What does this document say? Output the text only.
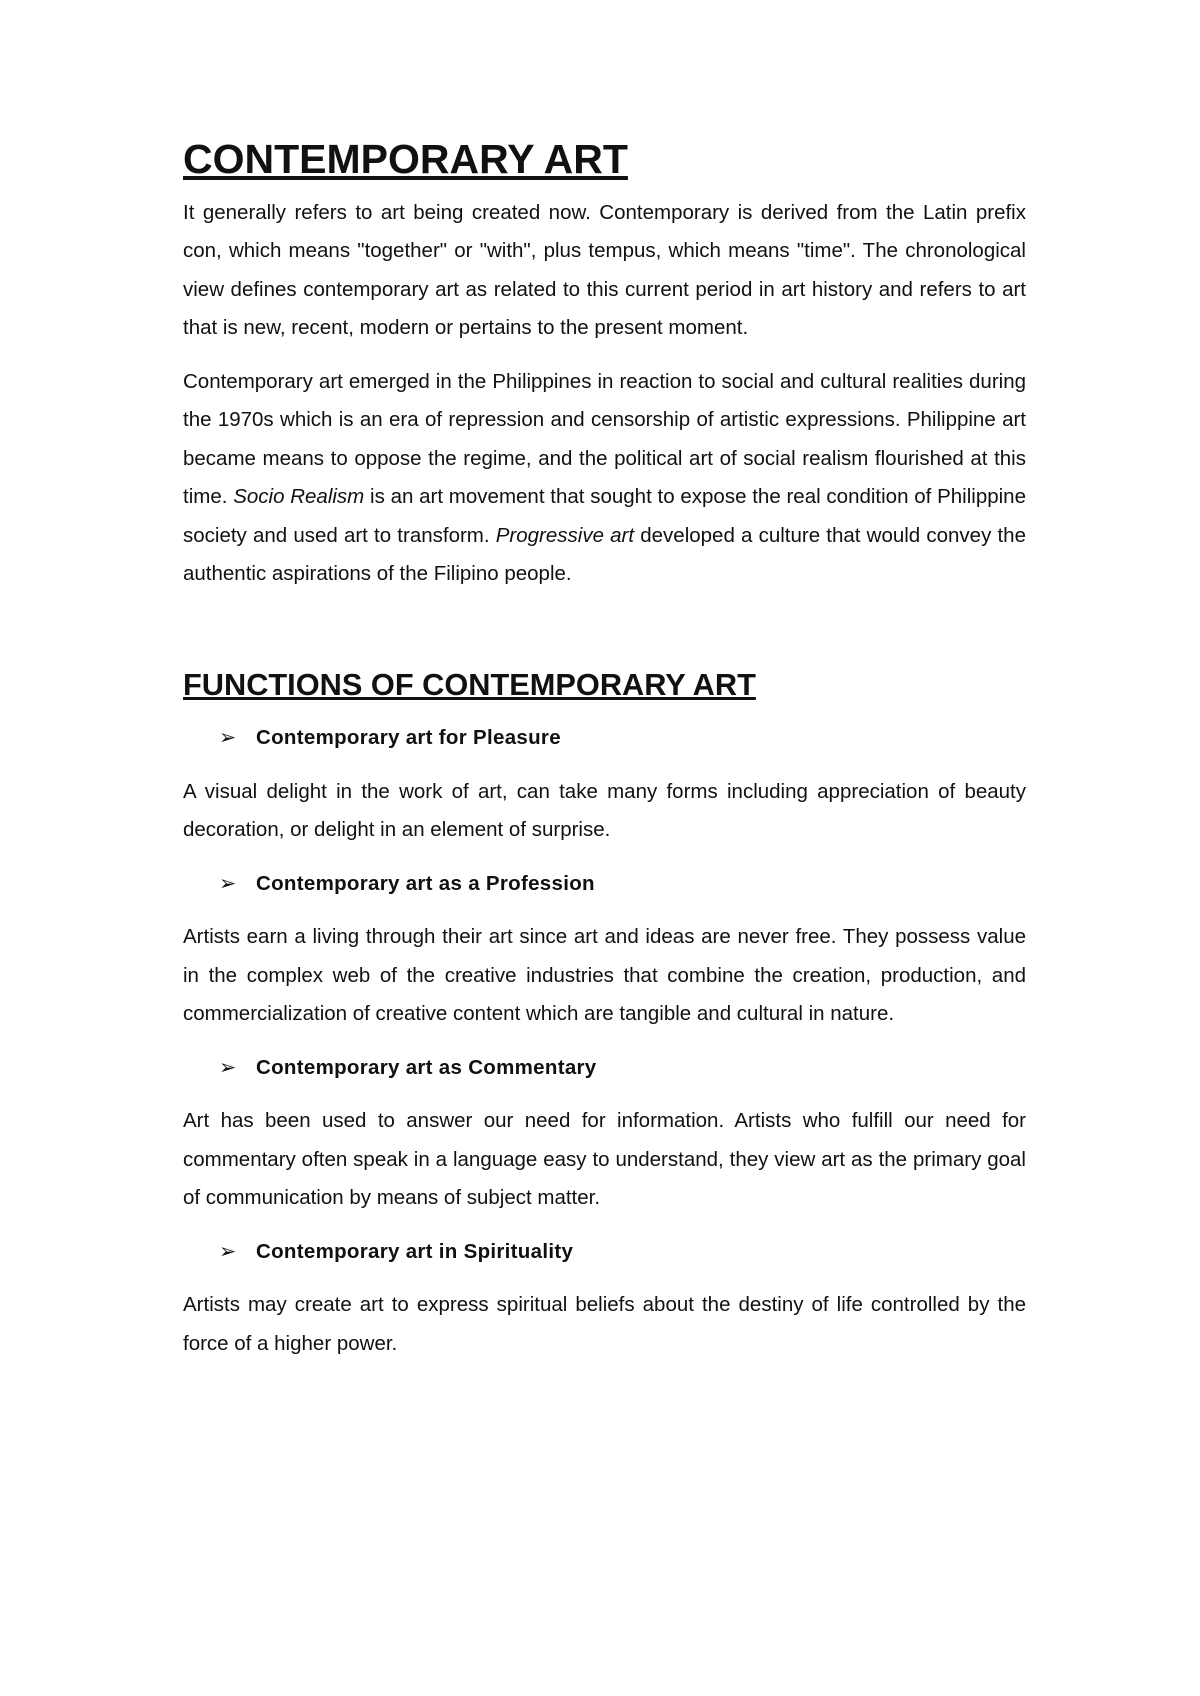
CONTEMPORARY ART

It generally refers to art being created now. Contemporary is derived from the Latin prefix con, which means "together" or "with", plus tempus, which means "time". The chronological view defines contemporary art as related to this current period in art history and refers to art that is new, recent, modern or pertains to the present moment.

Contemporary art emerged in the Philippines in reaction to social and cultural realities during the 1970s which is an era of repression and censorship of artistic expressions. Philippine art became means to oppose the regime, and the political art of social realism flourished at this time. Socio Realism is an art movement that sought to expose the real condition of Philippine society and used art to transform. Progressive art developed a culture that would convey the authentic aspirations of the Filipino people.

FUNCTIONS OF CONTEMPORARY ART
➢ Contemporary art for Pleasure

A visual delight in the work of art, can take many forms including appreciation of beauty decoration, or delight in an element of surprise.

➢ Contemporary art as a Profession

Artists earn a living through their art since art and ideas are never free. They possess value in the complex web of the creative industries that combine the creation, production, and commercialization of creative content which are tangible and cultural in nature.

➢ Contemporary art as Commentary

Art has been used to answer our need for information. Artists who fulfill our need for commentary often speak in a language easy to understand, they view art as the primary goal of communication by means of subject matter.

➢ Contemporary art in Spirituality

Artists may create art to express spiritual beliefs about the destiny of life controlled by the force of a higher power.
